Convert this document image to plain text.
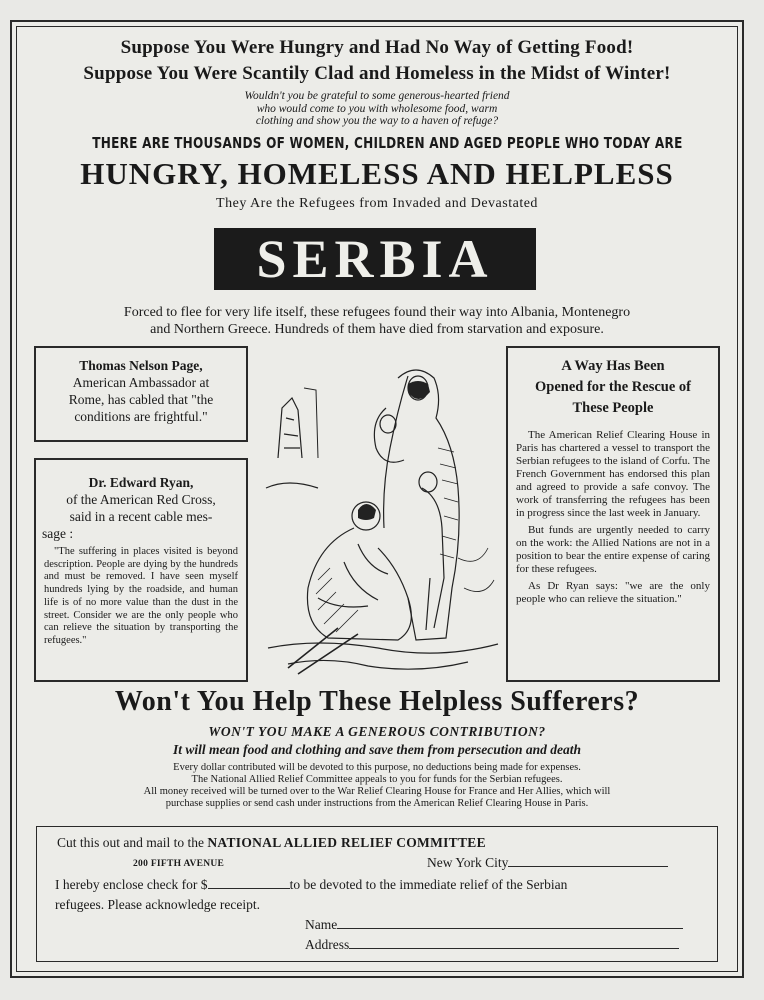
Suppose You Were Hungry and Had No Way of Getting Food!
Suppose You Were Scantily Clad and Homeless in the Midst of Winter!
Wouldn't you be grateful to some generous-hearted friend
who would come to you with wholesome food, warm
clothing and show you the way to a haven of refuge?
THERE ARE THOUSANDS OF WOMEN, CHILDREN AND AGED PEOPLE WHO TODAY ARE
HUNGRY, HOMELESS AND HELPLESS
They Are the Refugees from Invaded and Devastated
SERBIA
Forced to flee for very life itself, these refugees found their way into Albania, Montenegro
and Northern Greece. Hundreds of them have died from starvation and exposure.
Thomas Nelson Page,
American Ambassador at
Rome, has cabled that "the
conditions are frightful."
Dr. Edward Ryan,
of the American Red Cross,
said in a recent cable mes-
sage :
"The suffering in places visited is beyond description. People are dying by the hundreds and must be removed. I have seen myself hundreds lying by the roadside, and human life is of no more value than the dust in the street. Consider we are the only people who can relieve the situation by transporting the refugees."
A Way Has Been
Opened for the Rescue of
These People
The American Relief Clearing House in Paris has chartered a vessel to transport the Serbian refugees to the island of Corfu. The French Government has endorsed this plan and agreed to provide a safe convoy. The work of transferring the refugees has been in progress since the last week in January.
But funds are urgently needed to carry on the work: the Allied Nations are not in a position to bear the entire expense of caring for these refugees.
As Dr Ryan says: "we are the only people who can relieve the situation."
Won't You Help These Helpless Sufferers?
WON'T YOU MAKE A GENEROUS CONTRIBUTION?
It will mean food and clothing and save them from persecution and death
Every dollar contributed will be devoted to this purpose, no deductions being made for expenses.
The National Allied Relief Committee appeals to you for funds for the Serbian refugees.
All money received will be turned over to the War Relief Clearing House for France and Her Allies, which will
purchase supplies or send cash under instructions from the American Relief Clearing House in Paris.
Cut this out and mail to the NATIONAL ALLIED RELIEF COMMITTEE
200 FIFTH AVENUE	New York City
I hereby enclose check for $	to be devoted to the immediate relief of the Serbian
refugees. Please acknowledge receipt.
Name
Address
